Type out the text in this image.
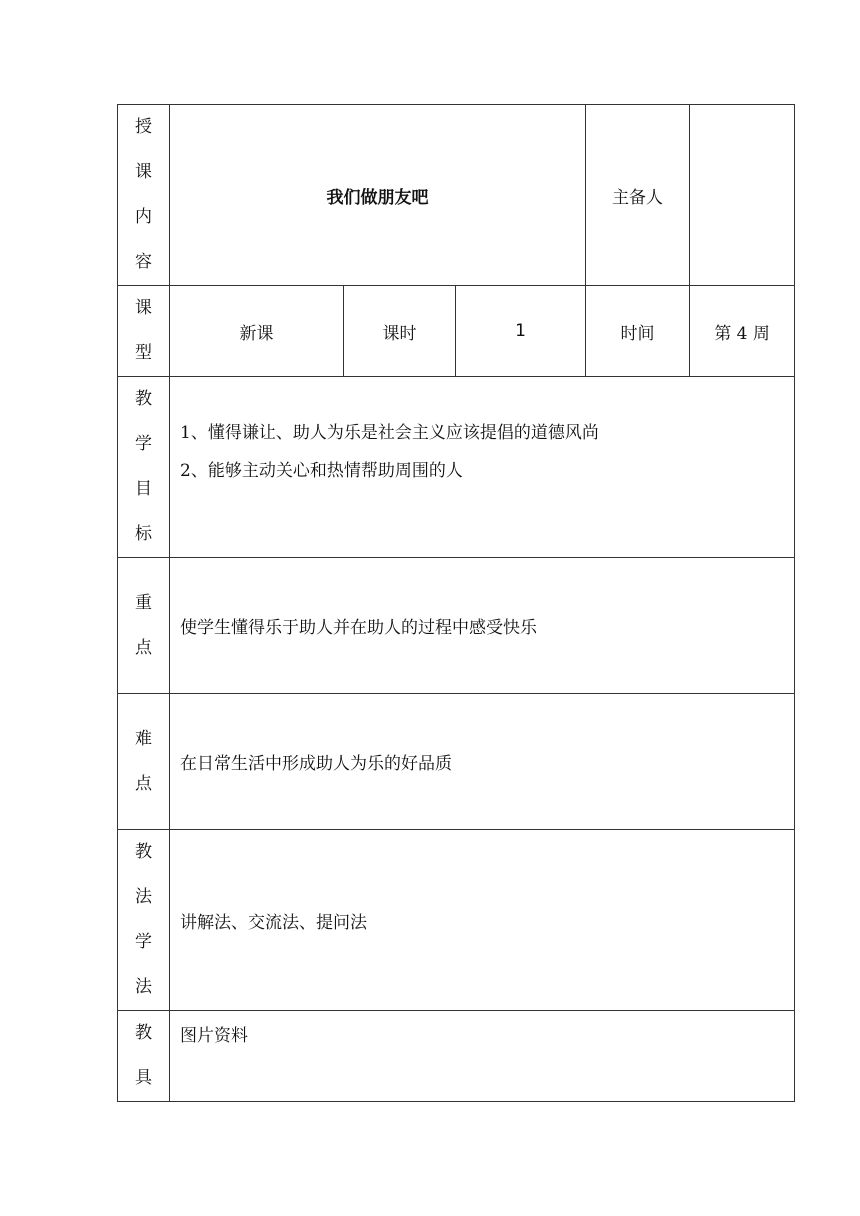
授
课
内
容	我们做朋友吧			主备人	

课
型	新课	课时	1	时间	第 4 周

教
学
目
标	1、懂得谦让、助人为乐是社会主义应该提倡的道德风尚
2、能够主动关心和热情帮助周围的人				

重
点	使学生懂得乐于助人并在助人的过程中感受快乐				

难
点	在日常生活中形成助人为乐的好品质				

教
法
学
法	讲解法、交流法、提问法				

教
具	图片资料				
